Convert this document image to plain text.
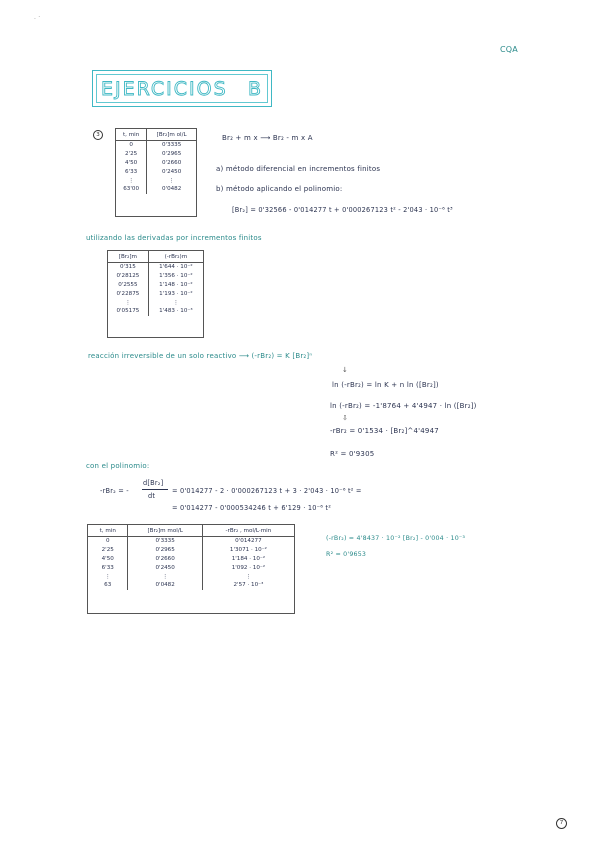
. ·
CQA
EJERCICIOS B
3	t, min	[Br₂]m ol/L
0	0'3335
2'25	0'2965
4'50	0'2660
6'33	0'2450
⋮	⋮
63'00	0'0482
Br₂ + m x ⟶ Br₂ - m x A
a) método diferencial en incrementos finitos
b) método aplicando el polinomio:
[Br₂] = 0'32566 - 0'014277 t + 0'000267123 t² - 2'043 · 10⁻⁶ t³
utilizando las derivadas por incrementos finitos
[Br₂]m	(-rBr₂)m
0'315	1'644 · 10⁻²
0'28125	1'356 · 10⁻²
0'2555	1'148 · 10⁻²
0'22875	1'193 · 10⁻²
⋮	⋮
0'05175	1'483 · 10⁻³
reacción irreversible de un solo reactivo ⟶ (-rBr₂) = K [Br₂]ⁿ
↓
ln (-rBr₂) = ln K + n ln ([Br₂])
ln (-rBr₂) = -1'8764 + 4'4947 · ln ([Br₂])
⇩
-rBr₂ = 0'1534 · [Br₂]^4'4947
R² = 0'9305
con el polinomio:
-rBr₂ = -
d[Br₂]
dt
= 0'014277 - 2 · 0'000267123 t + 3 · 2'043 · 10⁻⁶ t² =
= 0'014277 - 0'000534246 t + 6'129 · 10⁻⁶ t²
t, min	[Br₂]m mol/L	-rBr₂ , mol/L·min
0	0'3335	0'014277
2'25	0'2965	1'3071 · 10⁻²
4'50	0'2660	1'184 · 10⁻²
6'33	0'2450	1'092 · 10⁻²
⋮	⋮	⋮
63	0'0482	2'57 · 10⁻³
(-rBr₂) = 4'8437 · 10⁻² [Br₂] - 0'004 · 10⁻³
R² = 0'9653
7
